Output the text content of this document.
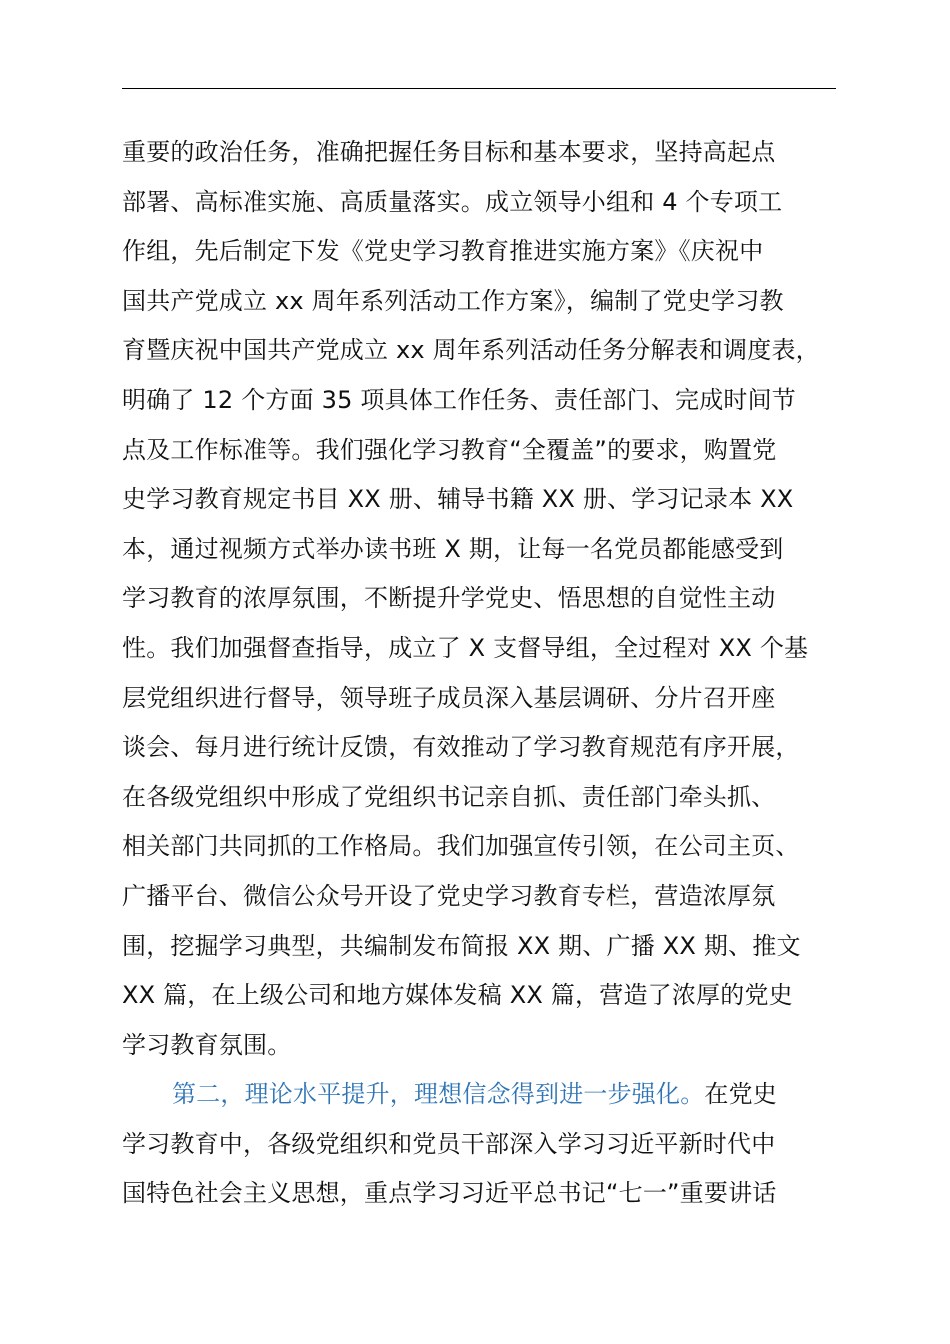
重要的政治任务，准确把握任务目标和基本要求，坚持高起点
部署、高标准实施、高质量落实。成立领导小组和 4 个专项工
作组，先后制定下发《党史学习教育推进实施方案》《庆祝中
国共产党成立 xx 周年系列活动工作方案》，编制了党史学习教
育暨庆祝中国共产党成立 xx 周年系列活动任务分解表和调度表，
明确了 12 个方面 35 项具体工作任务、责任部门、完成时间节
点及工作标准等。我们强化学习教育“全覆盖”的要求，购置党
史学习教育规定书目 XX 册、辅导书籍 XX 册、学习记录本 XX
本，通过视频方式举办读书班 X 期，让每一名党员都能感受到
学习教育的浓厚氛围，不断提升学党史、悟思想的自觉性主动
性。我们加强督查指导，成立了 X 支督导组，全过程对 XX 个基
层党组织进行督导，领导班子成员深入基层调研、分片召开座
谈会、每月进行统计反馈，有效推动了学习教育规范有序开展，
在各级党组织中形成了党组织书记亲自抓、责任部门牵头抓、
相关部门共同抓的工作格局。我们加强宣传引领，在公司主页、
广播平台、微信公众号开设了党史学习教育专栏，营造浓厚氛
围，挖掘学习典型，共编制发布简报 XX 期、广播 XX 期、推文
XX 篇，在上级公司和地方媒体发稿 XX 篇，营造了浓厚的党史
学习教育氛围。
第二，理论水平提升，理想信念得到进一步强化。在党史
学习教育中，各级党组织和党员干部深入学习习近平新时代中
国特色社会主义思想，重点学习习近平总书记“七一”重要讲话
